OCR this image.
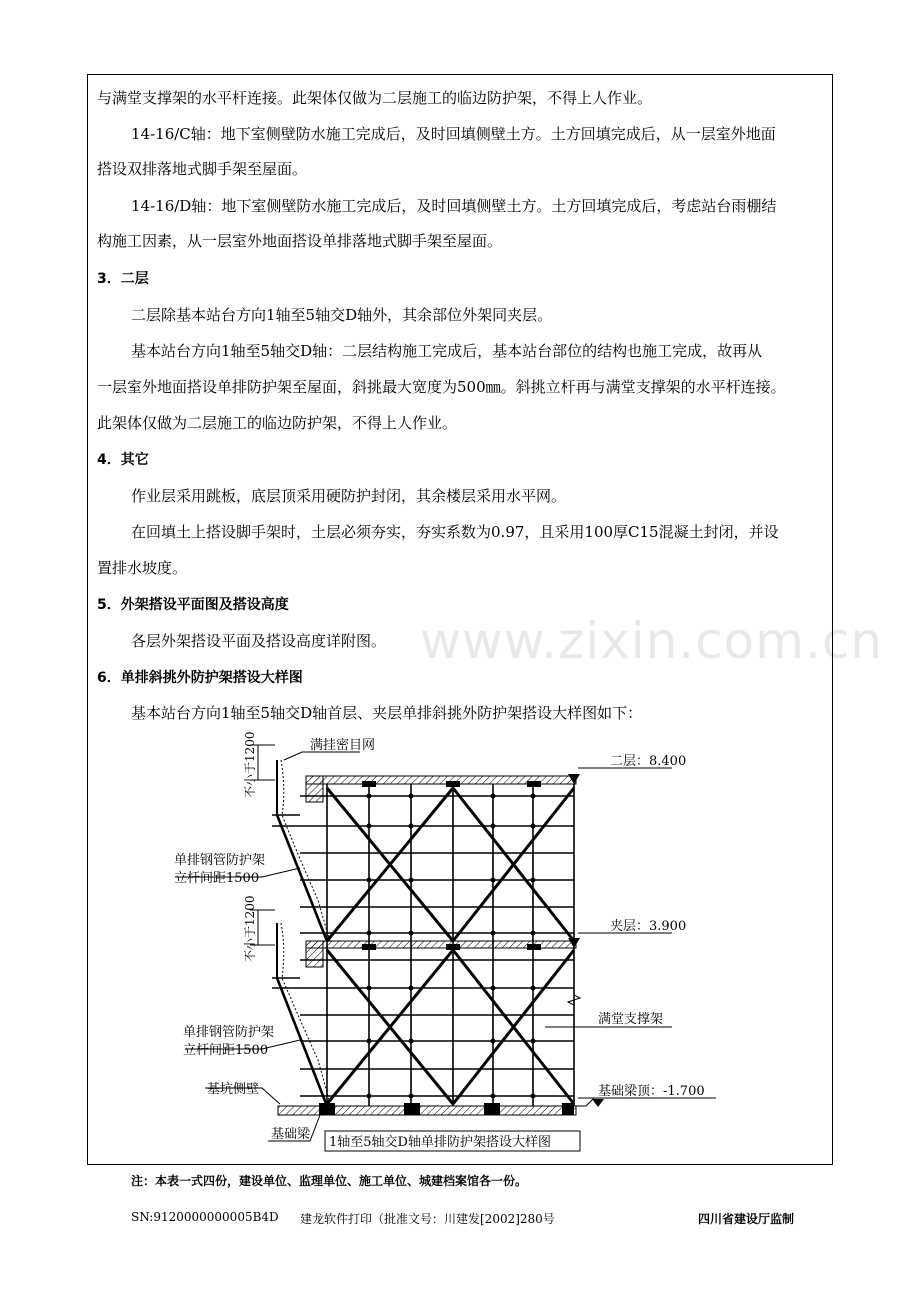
与满堂支撑架的水平杆连接。此架体仅做为二层施工的临边防护架，不得上人作业。
14-16/C轴：地下室侧壁防水施工完成后，及时回填侧壁土方。土方回填完成后，从一层室外地面
搭设双排落地式脚手架至屋面。
14-16/D轴：地下室侧壁防水施工完成后，及时回填侧壁土方。土方回填完成后，考虑站台雨棚结
构施工因素，从一层室外地面搭设单排落地式脚手架至屋面。
3．二层
二层除基本站台方向1轴至5轴交D轴外，其余部位外架同夹层。
基本站台方向1轴至5轴交D轴：二层结构施工完成后，基本站台部位的结构也施工完成，故再从
一层室外地面搭设单排防护架至屋面，斜挑最大宽度为500㎜。斜挑立杆再与满堂支撑架的水平杆连接。
此架体仅做为二层施工的临边防护架，不得上人作业。
4．其它
作业层采用跳板，底层顶采用硬防护封闭，其余楼层采用水平网。
在回填土上搭设脚手架时，土层必须夯实，夯实系数为0.97，且采用100厚C15混凝土封闭，并设
置排水坡度。
5．外架搭设平面图及搭设高度
各层外架搭设平面及搭设高度详附图。
6．单排斜挑外防护架搭设大样图
基本站台方向1轴至5轴交D轴首层、夹层单排斜挑外防护架搭设大样图如下：
www.zixin.com.cn
满挂密目网
不小于1200
不小于1200
单排钢管防护架
立杆间距1500
单排钢管防护架
立杆间距1500
基坑侧壁
基础梁
二层：8.400
夹层：3.900
满堂支撑架
基础梁顶：-1.700
1轴至5轴交D轴单排防护架搭设大样图
注：本表一式四份，建设单位、监理单位、施工单位、城建档案馆各一份。
SN:9120000000005B4D 建龙软件打印（批准文号：川建发[2002]280号	四川省建设厅监制
